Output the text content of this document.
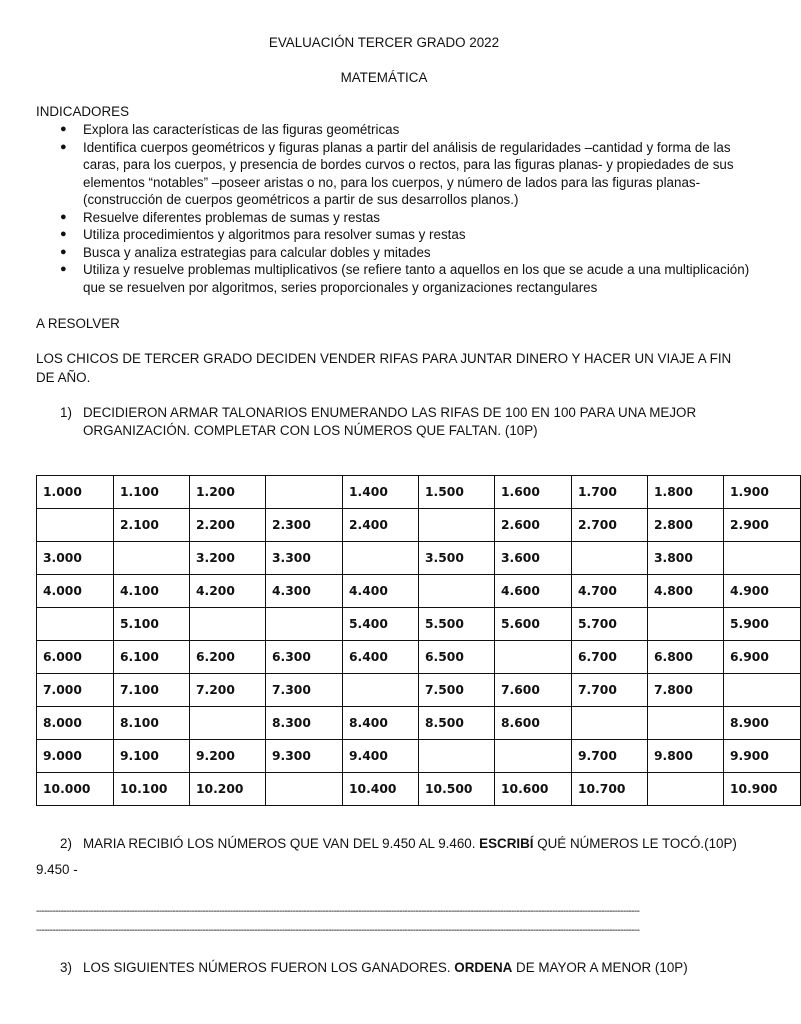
EVALUACIÓN TERCER GRADO 2022
MATEMÁTICA
INDICADORES
● Explora las características de las figuras geométricas
● Identifica cuerpos geométricos y figuras planas a partir del análisis de regularidades –cantidad y forma de las caras, para los cuerpos, y presencia de bordes curvos o rectos, para las figuras planas- y propiedades de sus elementos “notables” –poseer aristas o no, para los cuerpos, y número de lados para las figuras planas- (construcción de cuerpos geométricos a partir de sus desarrollos planos.)
● Resuelve diferentes problemas de sumas y restas
● Utiliza procedimientos y algoritmos para resolver sumas y restas
● Busca y analiza estrategias para calcular dobles y mitades
● Utiliza y resuelve problemas multiplicativos (se refiere tanto a aquellos en los que se acude a una multiplicación) que se resuelven por algoritmos, series proporcionales y organizaciones rectangulares
A RESOLVER
LOS CHICOS DE TERCER GRADO DECIDEN VENDER RIFAS PARA JUNTAR DINERO Y HACER UN VIAJE A FIN DE AÑO.
1) DECIDIERON ARMAR TALONARIOS ENUMERANDO LAS RIFAS DE 100 EN 100 PARA UNA MEJOR ORGANIZACIÓN. COMPLETAR CON LOS NÚMEROS QUE FALTAN. (10P)
1.000	1.100	1.200		1.400	1.500	1.600	1.700	1.800	1.900
	2.100	2.200	2.300	2.400		2.600	2.700	2.800	2.900
3.000		3.200	3.300		3.500	3.600		3.800	
4.000	4.100	4.200	4.300	4.400		4.600	4.700	4.800	4.900
	5.100			5.400	5.500	5.600	5.700		5.900
6.000	6.100	6.200	6.300	6.400	6.500		6.700	6.800	6.900
7.000	7.100	7.200	7.300		7.500	7.600	7.700	7.800	
8.000	8.100		8.300	8.400	8.500	8.600			8.900
9.000	9.100	9.200	9.300	9.400			9.700	9.800	9.900
10.000	10.100	10.200		10.400	10.500	10.600	10.700		10.900
2) MARIA RECIBIÓ LOS NÚMEROS QUE VAN DEL 9.450 AL 9.460. ESCRIBÍ QUÉ NÚMEROS LE TOCÓ.(10P)
9.450 -
-----------------------------------------------------------------------------------------------------------------------------------------------------------------------------------------------------------------------------
-----------------------------------------------------------------------------------------------------------------------------------------------------------------------------------------------------------------------------
3) LOS SIGUIENTES NÚMEROS FUERON LOS GANADORES. ORDENA DE MAYOR A MENOR (10P)
